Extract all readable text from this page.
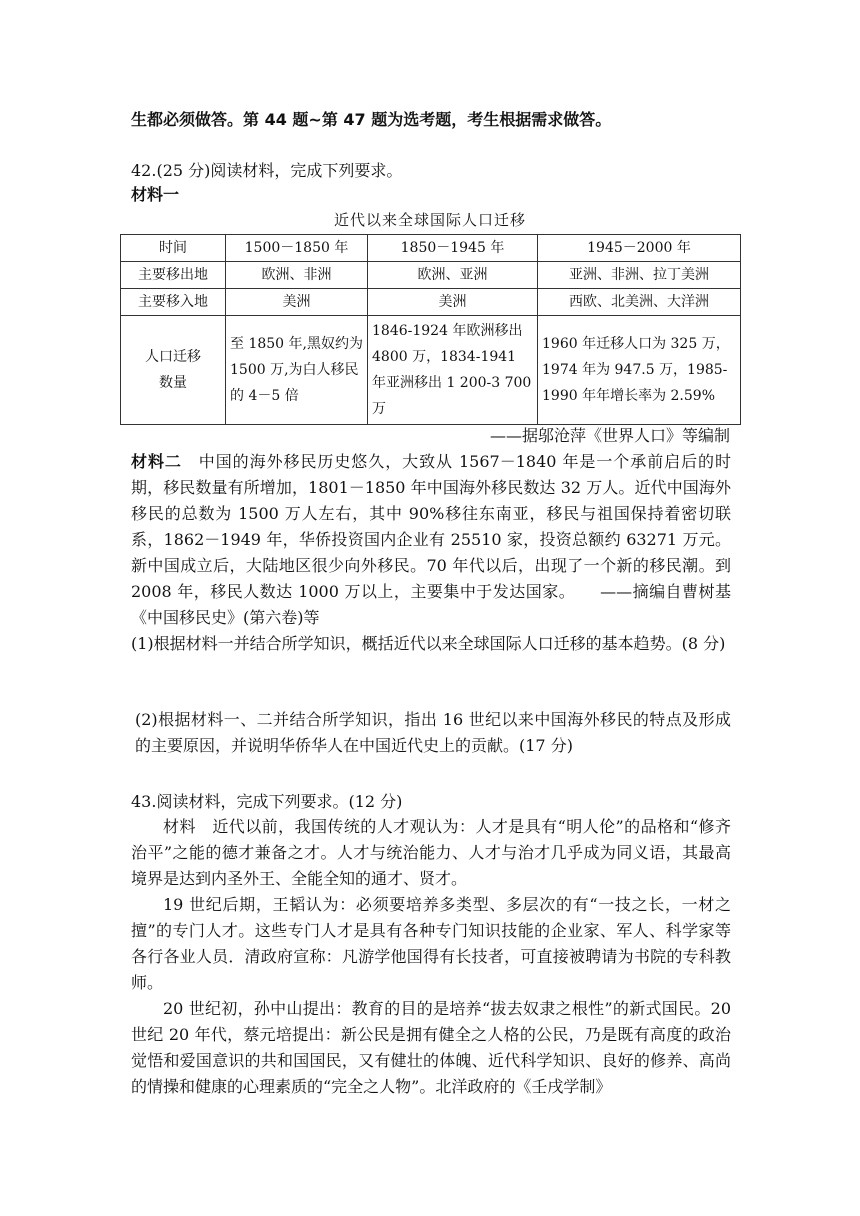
生都必须做答。第 44 题~第 47 题为选考题，考生根据需求做答。
42.(25 分)阅读材料，完成下列要求。
材料一
近代以来全球国际人口迁移
时间	1500－1850 年	1850－1945 年	1945－2000 年
主要移出地	欧洲、非洲	欧洲、亚洲	亚洲、非洲、拉丁美洲
主要移入地	美洲	美洲	西欧、北美洲、大洋洲
人口迁移数量	至 1850 年,黑奴约为 1500 万,为白人移民的 4－5 倍	1846-1924 年欧洲移出 4800 万，1834-1941 年亚洲移出 1 200-3 700 万	1960 年迁移人口为 325 万，1974 年为 947.5 万，1985-1990 年年增长率为 2.59%
——据邬沧萍《世界人口》等编制
材料二　 中国的海外移民历史悠久，大致从 1567－1840 年是一个承前启后的时期，移民数量有所增加，1801－1850 年中国海外移民数达 32 万人。近代中国海外移民的总数为 1500 万人左右，其中 90%移往东南亚，移民与祖国保持着密切联系，1862－1949 年，华侨投资国内企业有 25510 家，投资总额约 63271 万元。新中国成立后，大陆地区很少向外移民。70 年代以后，出现了一个新的移民潮。到 2008 年，移民人数达 1000 万以上，主要集中于发达国家。　　——摘编自曹树基《中国移民史》(第六卷)等
(1)根据材料一并结合所学知识，概括近代以来全球国际人口迁移的基本趋势。(8 分)
(2)根据材料一、二并结合所学知识，指出 16 世纪以来中国海外移民的特点及形成的主要原因，并说明华侨华人在中国近代史上的贡献。(17 分)
43.阅读材料，完成下列要求。(12 分)
材料　近代以前，我国传统的人才观认为：人才是具有“明人伦”的品格和“修齐治平”之能的德才兼备之才。人才与统治能力、人才与治才几乎成为同义语，其最高境界是达到内圣外王、全能全知的通才、贤才。
19 世纪后期，王韬认为：必须要培养多类型、多层次的有“一技之长，一材之擅”的专门人才。这些专门人才是具有各种专门知识技能的企业家、军人、科学家等各行各业人员．清政府宣称：凡游学他国得有长技者，可直接被聘请为书院的专科教师。
20 世纪初，孙中山提出：教育的目的是培养“拔去奴隶之根性”的新式国民。20 世纪 20 年代，蔡元培提出：新公民是拥有健全之人格的公民，乃是既有高度的政治觉悟和爱国意识的共和国国民，又有健壮的体魄、近代科学知识、良好的修养、高尚的情操和健康的心理素质的“完全之人物”。北洋政府的《壬戌学制》
